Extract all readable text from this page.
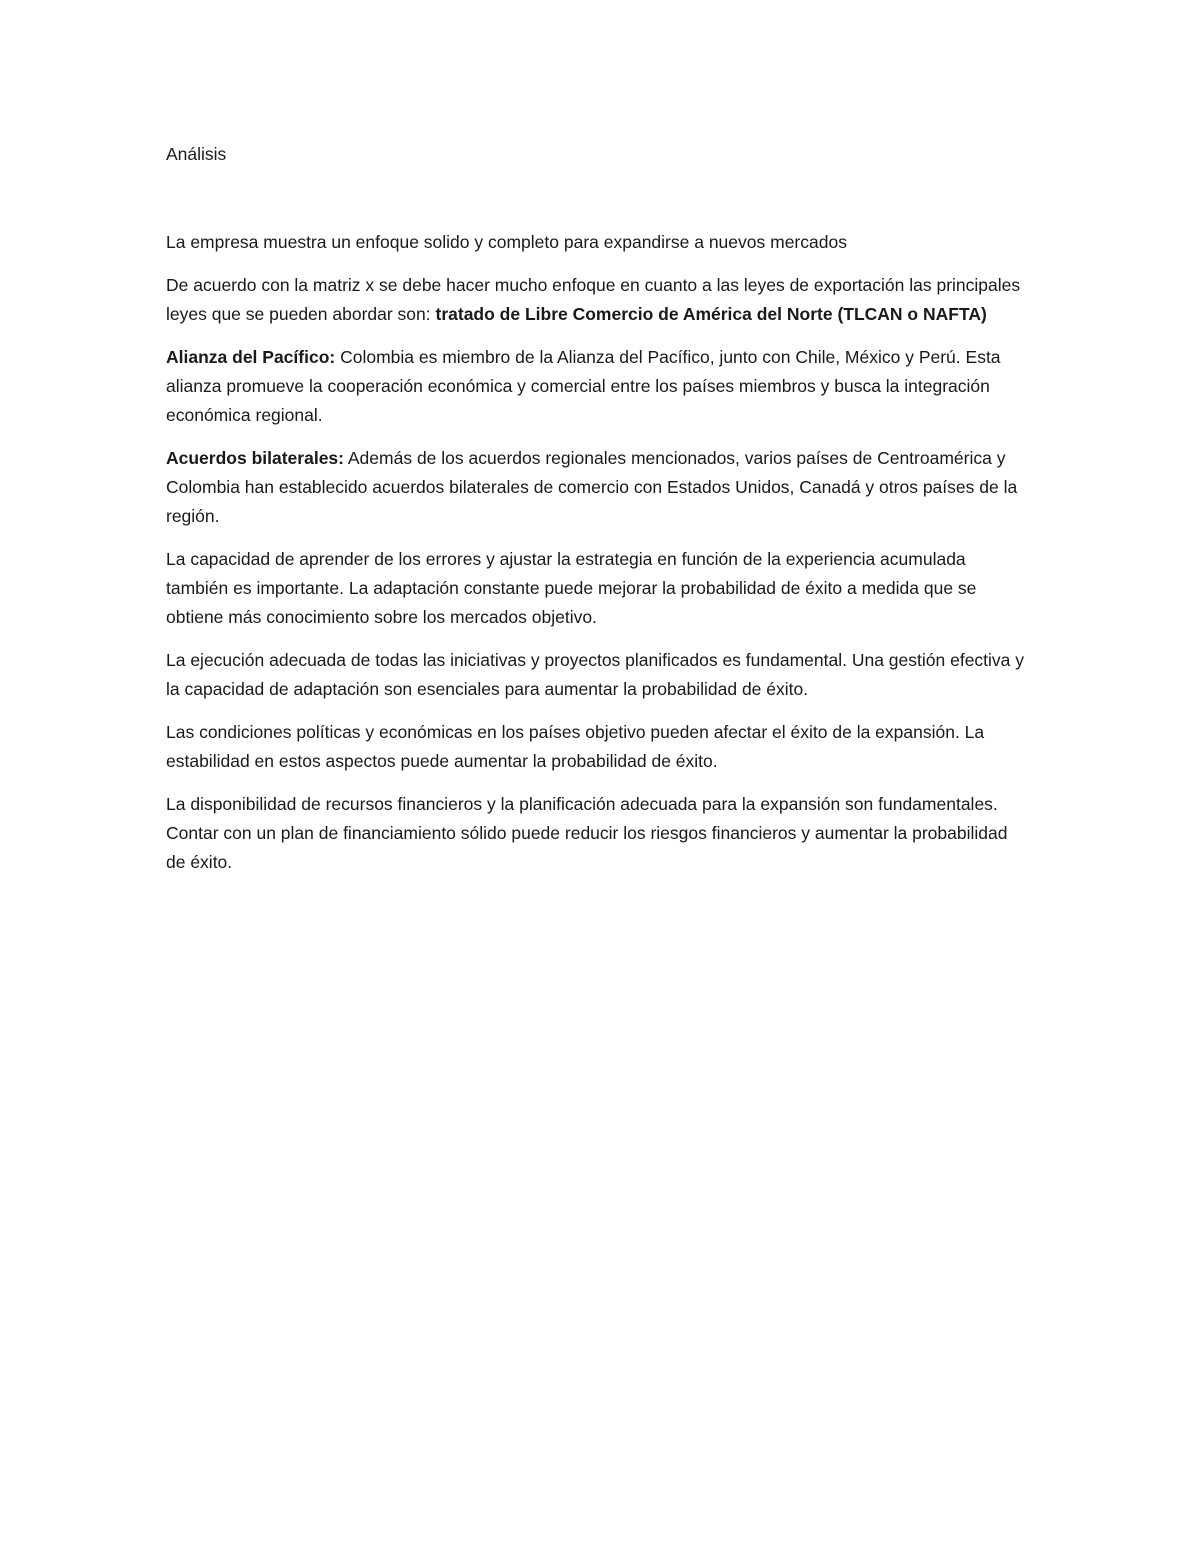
Análisis

La empresa muestra un enfoque solido y completo para expandirse a nuevos mercados

De acuerdo con la matriz x se debe hacer mucho enfoque en cuanto a las leyes de exportación las principales leyes que se pueden abordar son: tratado de Libre Comercio de América del Norte (TLCAN o NAFTA)

Alianza del Pacífico: Colombia es miembro de la Alianza del Pacífico, junto con Chile, México y Perú. Esta alianza promueve la cooperación económica y comercial entre los países miembros y busca la integración económica regional.

Acuerdos bilaterales: Además de los acuerdos regionales mencionados, varios países de Centroamérica y Colombia han establecido acuerdos bilaterales de comercio con Estados Unidos, Canadá y otros países de la región.

La capacidad de aprender de los errores y ajustar la estrategia en función de la experiencia acumulada también es importante. La adaptación constante puede mejorar la probabilidad de éxito a medida que se obtiene más conocimiento sobre los mercados objetivo.

La ejecución adecuada de todas las iniciativas y proyectos planificados es fundamental. Una gestión efectiva y la capacidad de adaptación son esenciales para aumentar la probabilidad de éxito.

Las condiciones políticas y económicas en los países objetivo pueden afectar el éxito de la expansión. La estabilidad en estos aspectos puede aumentar la probabilidad de éxito.

La disponibilidad de recursos financieros y la planificación adecuada para la expansión son fundamentales. Contar con un plan de financiamiento sólido puede reducir los riesgos financieros y aumentar la probabilidad de éxito.
